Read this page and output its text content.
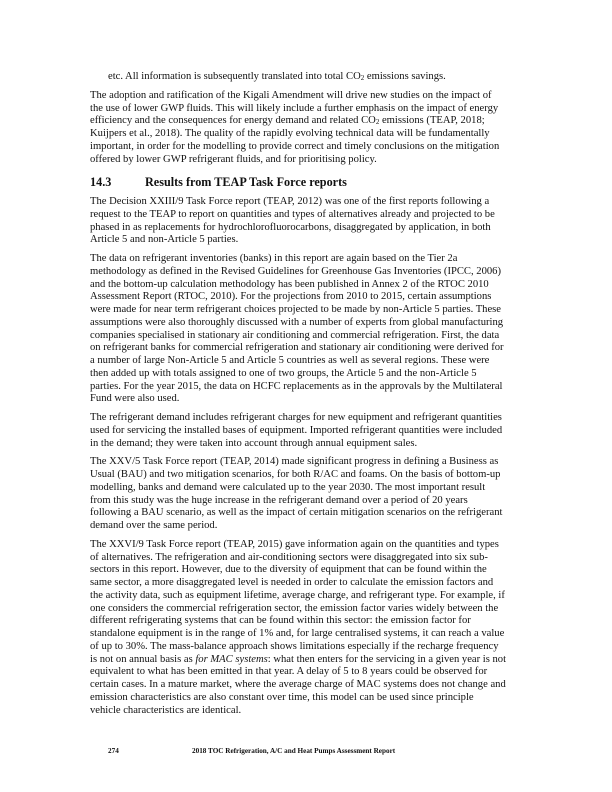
etc. All information is subsequently translated into total $CO_2$ emissions savings.
The adoption and ratification of the Kigali Amendment will drive new studies on the impact of
the use of lower GWP fluids. This will likely include a further emphasis on the impact of energy
efficiency and the consequences for energy demand and related $CO_2$ emissions (TEAP, 2018;
Kuijpers et al., 2018). The quality of the rapidly evolving technical data will be fundamentally
important, in order for the modelling to provide correct and timely conclusions on the mitigation
offered by lower GWP refrigerant fluids, and for prioritising policy.
14.3	Results from TEAP Task Force reports
The Decision XXIII/9 Task Force report (TEAP, 2012) was one of the first reports following a
request to the TEAP to report on quantities and types of alternatives already and projected to be
phased in as replacements for hydrochlorofluorocarbons, disaggregated by application, in both
Article 5 and non-Article 5 parties.
The data on refrigerant inventories (banks) in this report are again based on the Tier 2a
methodology as defined in the Revised Guidelines for Greenhouse Gas Inventories (IPCC, 2006)
and the bottom-up calculation methodology has been published in Annex 2 of the RTOC 2010
Assessment Report (RTOC, 2010). For the projections from 2010 to 2015, certain assumptions
were made for near term refrigerant choices projected to be made by non-Article 5 parties. These
assumptions were also thoroughly discussed with a number of experts from global manufacturing
companies specialised in stationary air conditioning and commercial refrigeration. First, the data
on refrigerant banks for commercial refrigeration and stationary air conditioning were derived for
a number of large Non-Article 5 and Article 5 countries as well as several regions. These were
then added up with totals assigned to one of two groups, the Article 5 and the non-Article 5
parties. For the year 2015, the data on HCFC replacements as in the approvals by the Multilateral
Fund were also used.
The refrigerant demand includes refrigerant charges for new equipment and refrigerant quantities
used for servicing the installed bases of equipment. Imported refrigerant quantities were included
in the demand; they were taken into account through annual equipment sales.
The XXV/5 Task Force report (TEAP, 2014) made significant progress in defining a Business as
Usual (BAU) and two mitigation scenarios, for both R/AC and foams. On the basis of bottom-up
modelling, banks and demand were calculated up to the year 2030. The most important result
from this study was the huge increase in the refrigerant demand over a period of 20 years
following a BAU scenario, as well as the impact of certain mitigation scenarios on the refrigerant
demand over the same period.
The XXVI/9 Task Force report (TEAP, 2015) gave information again on the quantities and types
of alternatives. The refrigeration and air-conditioning sectors were disaggregated into six sub-
sectors in this report. However, due to the diversity of equipment that can be found within the
same sector, a more disaggregated level is needed in order to calculate the emission factors and
the activity data, such as equipment lifetime, average charge, and refrigerant type. For example, if
one considers the commercial refrigeration sector, the emission factor varies widely between the
different refrigerating systems that can be found within this sector: the emission factor for
standalone equipment is in the range of 1% and, for large centralised systems, it can reach a value
of up to 30%. The mass-balance approach shows limitations especially if the recharge frequency
is not on annual basis as for MAC systems: what then enters for the servicing in a given year is not
equivalent to what has been emitted in that year. A delay of 5 to 8 years could be observed for
certain cases. In a mature market, where the average charge of MAC systems does not change and
emission characteristics are also constant over time, this model can be used since principle
vehicle characteristics are identical.
274	2018 TOC Refrigeration, A/C and Heat Pumps Assessment Report
